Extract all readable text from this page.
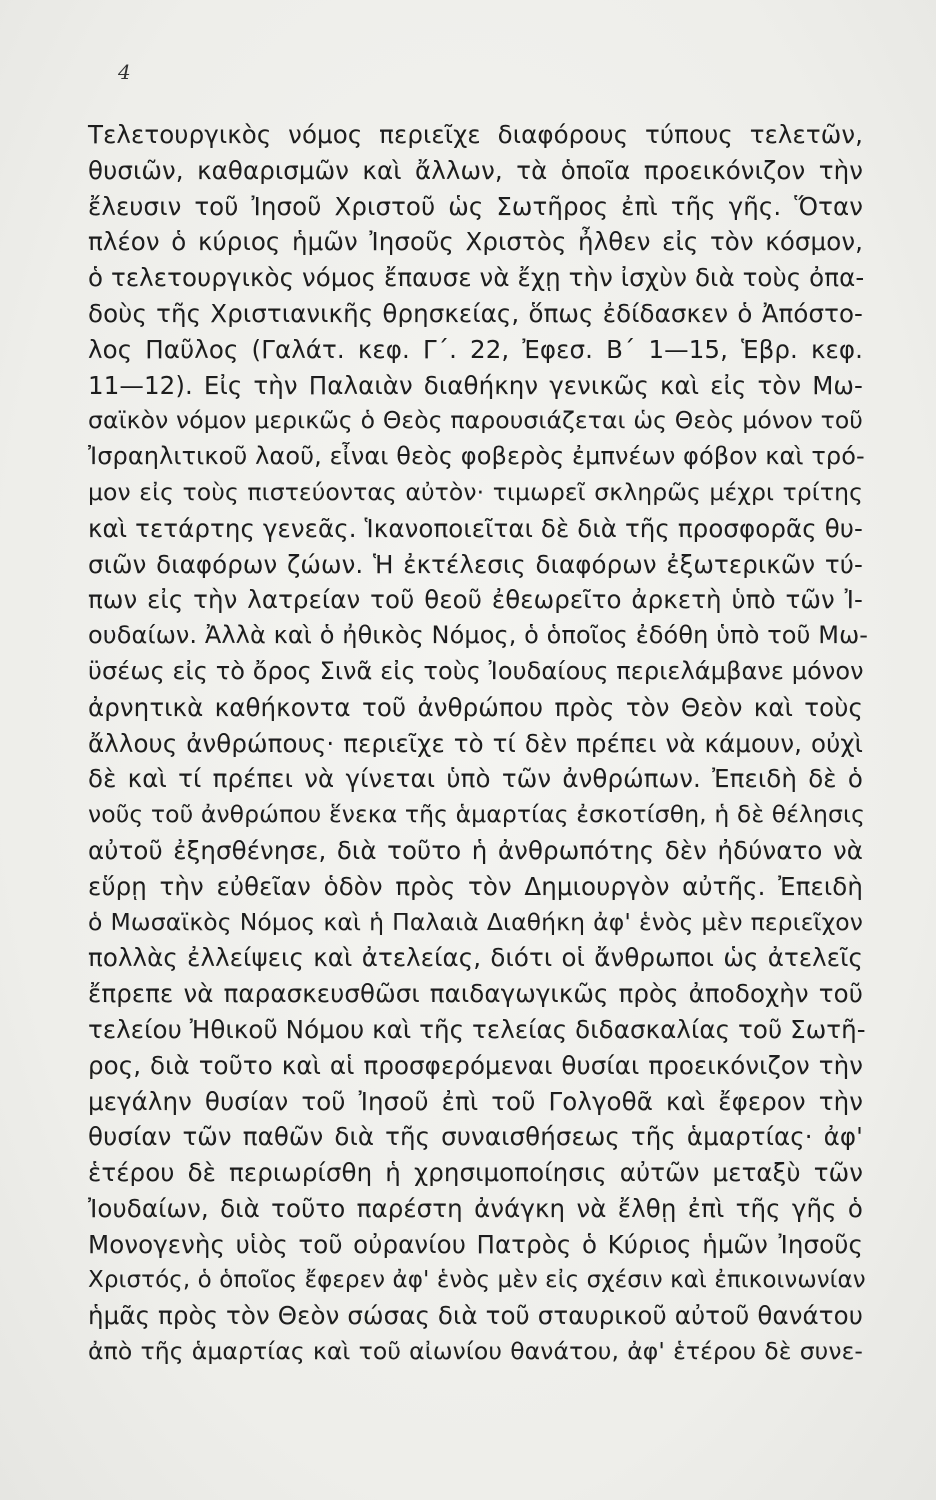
4
Τελετουργικὸς νόμος περιεῖχε διαφόρους τύπους τελετῶν,
θυσιῶν, καθαρισμῶν καὶ ἄλλων, τὰ ὁποῖα προεικόνιζον τὴν
ἔλευσιν τοῦ Ἰησοῦ Χριστοῦ ὡς Σωτῆρος ἐπὶ τῆς γῆς. Ὅταν
πλέον ὁ κύριος ἡμῶν Ἰησοῦς Χριστὸς ἦλθεν εἰς τὸν κόσμον,
ὁ τελετουργικὸς νόμος ἔπαυσε νὰ ἔχῃ τὴν ἰσχὺν διὰ τοὺς ὀπα-
δοὺς τῆς Χριστιανικῆς θρησκείας, ὅπως ἐδίδασκεν ὁ Ἀπόστο-
λος Παῦλος (Γαλάτ. κεφ. Γ΄. 22, Ἐφεσ. Β΄ 1—15, Ἑβρ. κεφ.
11—12). Εἰς τὴν Παλαιὰν διαθήκην γενικῶς καὶ εἰς τὸν Μω-
σαϊκὸν νόμον μερικῶς ὁ Θεὸς παρουσιάζεται ὡς Θεὸς μόνον τοῦ
Ἰσραηλιτικοῦ λαοῦ, εἶναι θεὸς φοβερὸς ἐμπνέων φόβον καὶ τρό-
μον εἰς τοὺς πιστεύοντας αὐτὸν· τιμωρεῖ σκληρῶς μέχρι τρίτης
καὶ τετάρτης γενεᾶς. Ἱκανοποιεῖται δὲ διὰ τῆς προσφορᾶς θυ-
σιῶν διαφόρων ζώων. Ἡ ἐκτέλεσις διαφόρων ἐξωτερικῶν τύ-
πων εἰς τὴν λατρείαν τοῦ θεοῦ ἐθεωρεῖτο ἀρκετὴ ὑπὸ τῶν Ἰ-
ουδαίων. Ἀλλὰ καὶ ὁ ἠθικὸς Νόμος, ὁ ὁποῖος ἐδόθη ὑπὸ τοῦ Μω-
ϋσέως εἰς τὸ ὄρος Σινᾶ εἰς τοὺς Ἰουδαίους περιελάμβανε μόνον
ἀρνητικὰ καθήκοντα τοῦ ἀνθρώπου πρὸς τὸν Θεὸν καὶ τοὺς
ἄλλους ἀνθρώπους· περιεῖχε τὸ τί δὲν πρέπει νὰ κάμουν, οὐχὶ
δὲ καὶ τί πρέπει νὰ γίνεται ὑπὸ τῶν ἀνθρώπων. Ἐπειδὴ δὲ ὁ
νοῦς τοῦ ἀνθρώπου ἕνεκα τῆς ἁμαρτίας ἐσκοτίσθη, ἡ δὲ θέλησις
αὐτοῦ ἐξησθένησε, διὰ τοῦτο ἡ ἀνθρωπότης δὲν ἠδύνατο νὰ
εὕρῃ τὴν εὐθεῖαν ὁδὸν πρὸς τὸν Δημιουργὸν αὐτῆς. Ἐπειδὴ
ὁ Μωσαϊκὸς Νόμος καὶ ἡ Παλαιὰ Διαθήκη ἀφ' ἑνὸς μὲν περιεῖχον
πολλὰς ἐλλείψεις καὶ ἀτελείας, διότι οἱ ἄνθρωποι ὡς ἀτελεῖς
ἔπρεπε νὰ παρασκευσθῶσι παιδαγωγικῶς πρὸς ἀποδοχὴν τοῦ
τελείου Ἠθικοῦ Νόμου καὶ τῆς τελείας διδασκαλίας τοῦ Σωτῆ-
ρος, διὰ τοῦτο καὶ αἱ προσφερόμεναι θυσίαι προεικόνιζον τὴν
μεγάλην θυσίαν τοῦ Ἰησοῦ ἐπὶ τοῦ Γολγοθᾶ καὶ ἔφερον τὴν
θυσίαν τῶν παθῶν διὰ τῆς συναισθήσεως τῆς ἁμαρτίας· ἀφ'
ἑτέρου δὲ περιωρίσθη ἡ χρησιμοποίησις αὐτῶν μεταξὺ τῶν
Ἰουδαίων, διὰ τοῦτο παρέστη ἀνάγκη νὰ ἔλθῃ ἐπὶ τῆς γῆς ὁ
Μονογενὴς υἱὸς τοῦ οὐρανίου Πατρὸς ὁ Κύριος ἡμῶν Ἰησοῦς
Χριστός, ὁ ὁποῖος ἔφερεν ἀφ' ἑνὸς μὲν εἰς σχέσιν καὶ ἐπικοινωνίαν
ἡμᾶς πρὸς τὸν Θεὸν σώσας διὰ τοῦ σταυρικοῦ αὐτοῦ θανάτου
ἀπὸ τῆς ἁμαρτίας καὶ τοῦ αἰωνίου θανάτου, ἀφ' ἑτέρου δὲ συνε-
